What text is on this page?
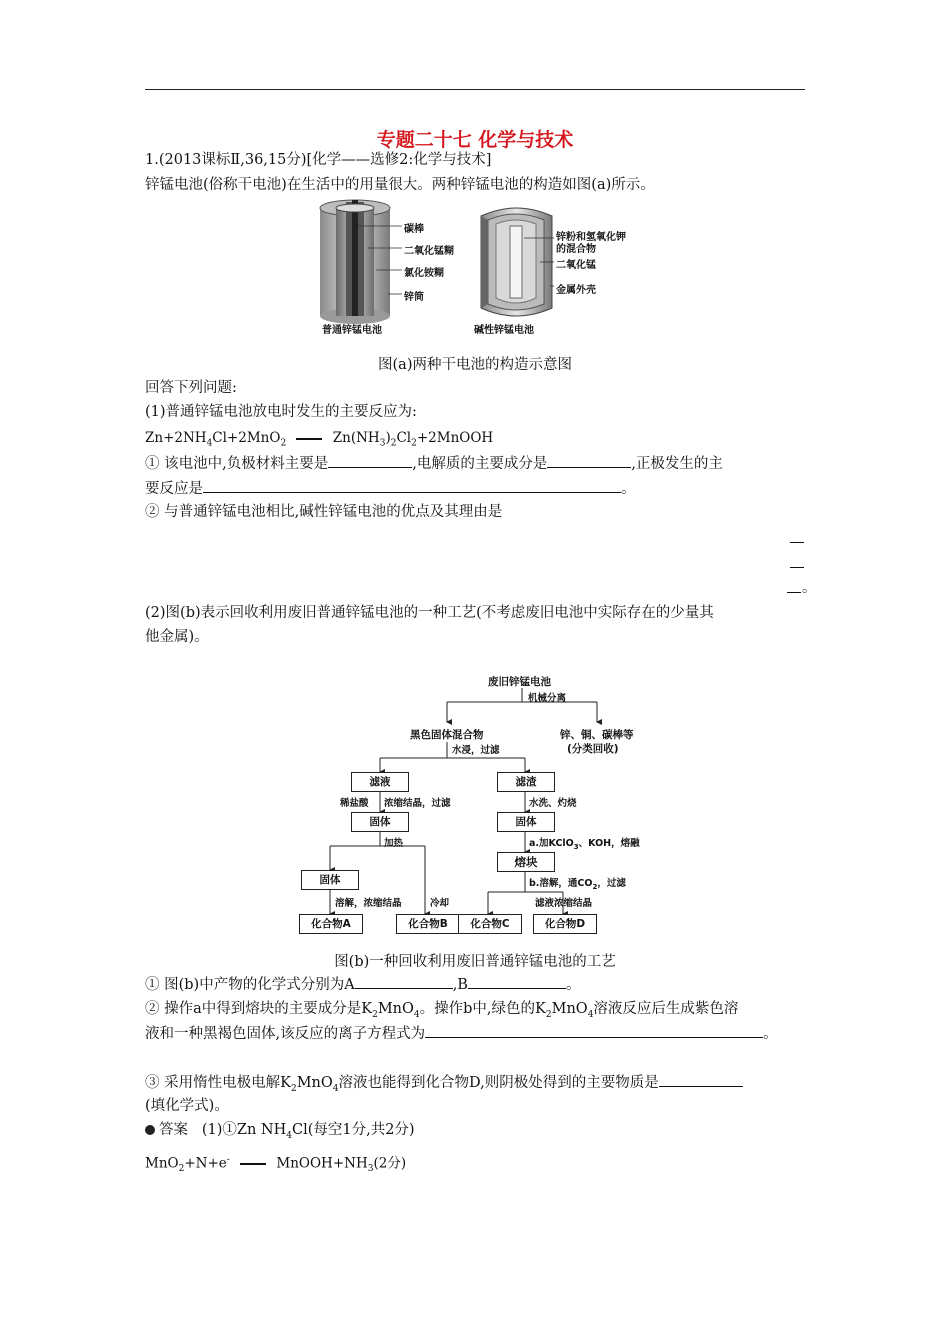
专题二十七 化学与技术
1.(2013课标Ⅱ,36,15分)[化学——选修2:化学与技术]
锌锰电池(俗称干电池)在生活中的用量很大。两种锌锰电池的构造如图(a)所示。
碳棒
二氧化锰糊
氯化铵糊
锌筒
普通锌锰电池
锌粉和氢氧化钾
的混合物
二氧化锰
金属外壳
碱性锌锰电池
图(a)两种干电池的构造示意图
回答下列问题:
(1)普通锌锰电池放电时发生的主要反应为:
$Zn+2NH_4Cl+2MnO_2$	$Zn(NH_3)_2Cl_2+2MnOOH$
① 该电池中,负极材料主要是	,电解质的主要成分是	,正极发生的主
要反应是	。
② 与普通锌锰电池相比,碱性锌锰电池的优点及其理由是
。
(2)图(b)表示回收利用废旧普通锌锰电池的一种工艺(不考虑废旧电池中实际存在的少量其
他金属)。
废旧锌锰电池
机械分离
黑色固体混合物
水浸，过滤
锌、铜、碳棒等
(分类回收)
滤液	滤渣
稀盐酸 浓缩结晶，过滤	水洗、灼烧
固体	固体
加热	a.加KClO$_3$、KOH，熔融
熔块
固体	b.溶解，通$CO_2$，过滤
溶解，浓缩结晶	冷却	滤液浓缩结晶
化合物A	化合物B	化合物C	化合物D
图(b)一种回收利用废旧普通锌锰电池的工艺
① 图(b)中产物的化学式分别为A	,B	。
② 操作a中得到熔块的主要成分是$K_2MnO_4$。操作b中,绿色的$K_2MnO_4$溶液反应后生成紫色溶
液和一种黑褐色固体,该反应的离子方程式为	。
③ 采用惰性电极电解$K_2MnO_4$溶液也能得到化合物D,则阴极处得到的主要物质是
(填化学式)。
答案 (1)①Zn $NH_4Cl$(每空1分,共2分)
MnO$_2$+N+e-	$MnOOH+NH_3(2$分)
